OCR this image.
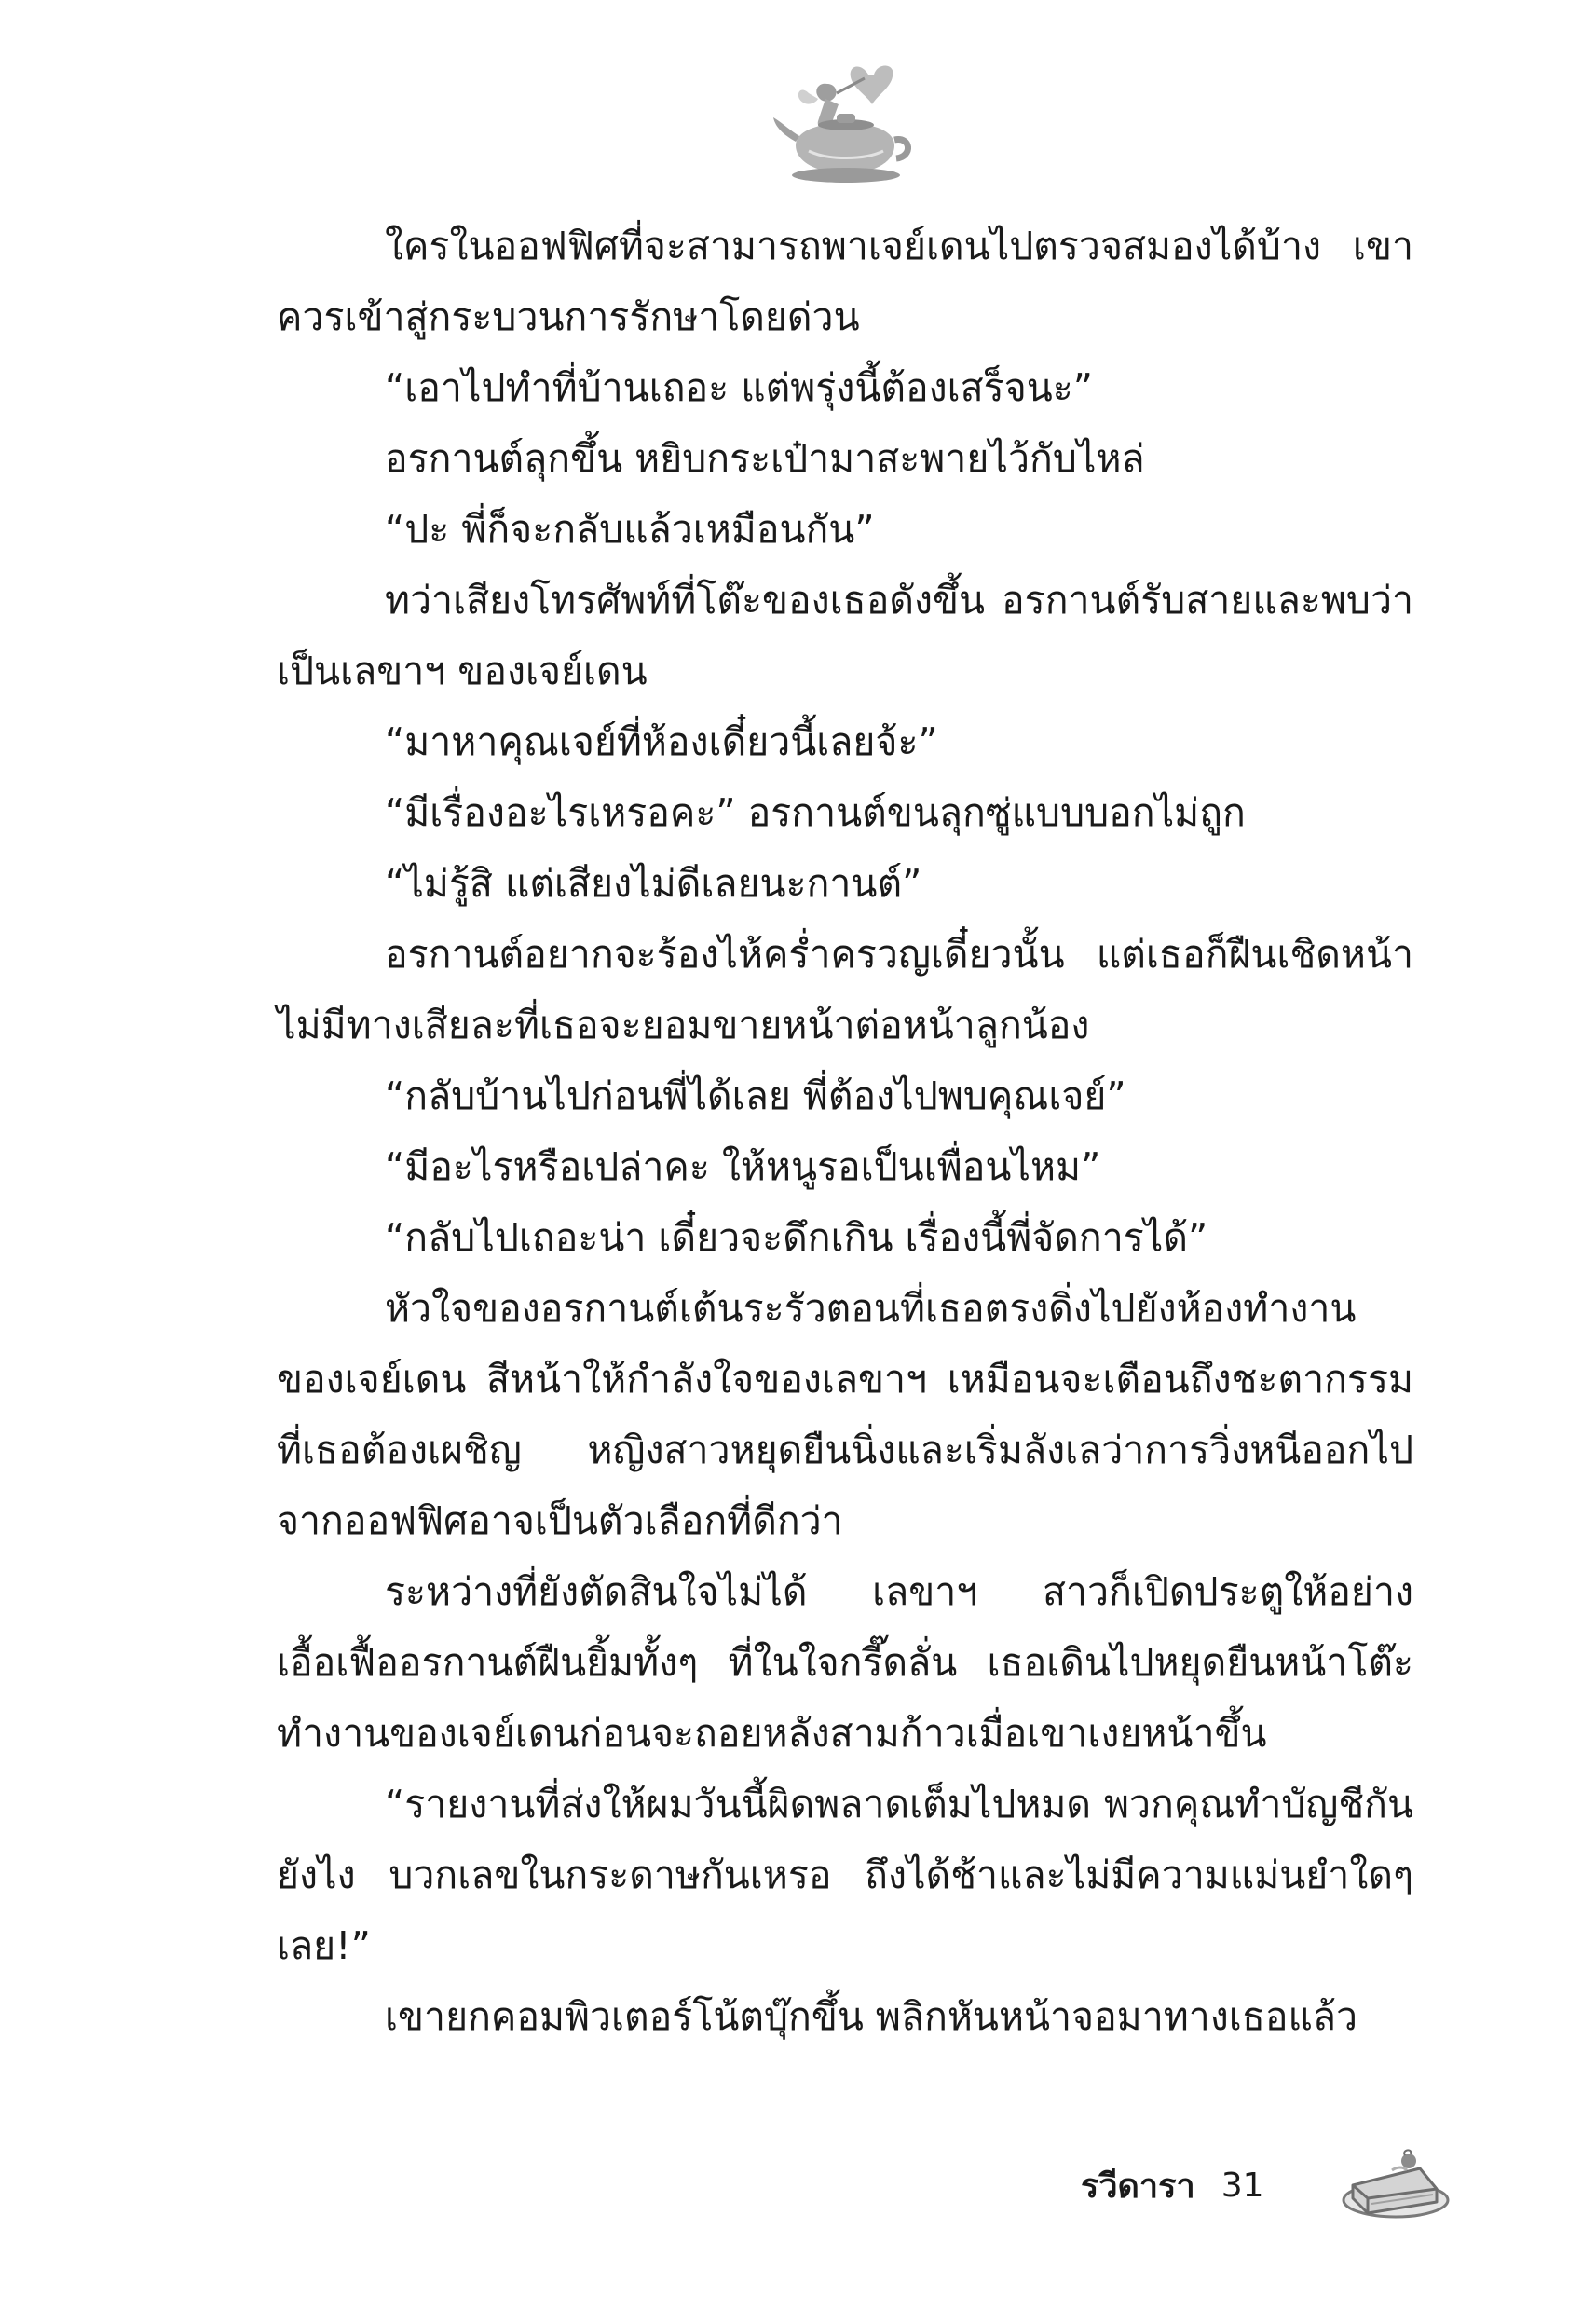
ใครในออฟฟิศที่จะสามารถพาเจย์เดนไปตรวจสมองได้บ้าง เขาควรเข้าสู่กระบวนการรักษาโดยด่วน

“เอาไปทำที่บ้านเถอะ แต่พรุ่งนี้ต้องเสร็จนะ”

อรกานต์ลุกขึ้น หยิบกระเป๋ามาสะพายไว้กับไหล่

“ปะ พี่ก็จะกลับแล้วเหมือนกัน”

ทว่าเสียงโทรศัพท์ที่โต๊ะของเธอดังขึ้น อรกานต์รับสายและพบว่าเป็นเลขาฯ ของเจย์เดน

“มาหาคุณเจย์ที่ห้องเดี๋ยวนี้เลยจ้ะ”

“มีเรื่องอะไรเหรอคะ” อรกานต์ขนลุกซู่แบบบอกไม่ถูก

“ไม่รู้สิ แต่เสียงไม่ดีเลยนะกานต์”

อรกานต์อยากจะร้องไห้คร่ำครวญเดี๋ยวนั้น แต่เธอก็ฝืนเชิดหน้าไม่มีทางเสียละที่เธอจะยอมขายหน้าต่อหน้าลูกน้อง

“กลับบ้านไปก่อนพี่ได้เลย พี่ต้องไปพบคุณเจย์”

“มีอะไรหรือเปล่าคะ ให้หนูรอเป็นเพื่อนไหม”

“กลับไปเถอะน่า เดี๋ยวจะดึกเกิน เรื่องนี้พี่จัดการได้”

หัวใจของอรกานต์เต้นระรัวตอนที่เธอตรงดิ่งไปยังห้องทำงานของเจย์เดน สีหน้าให้กำลังใจของเลขาฯ เหมือนจะเตือนถึงชะตากรรมที่เธอต้องเผชิญ หญิงสาวหยุดยืนนิ่งและเริ่มลังเลว่าการวิ่งหนีออกไปจากออฟฟิศอาจเป็นตัวเลือกที่ดีกว่า

ระหว่างที่ยังตัดสินใจไม่ได้ เลขาฯ สาวก็เปิดประตูให้อย่างเอื้อเฟื้ออรกานต์ฝืนยิ้มทั้งๆ ที่ในใจกรี๊ดลั่น เธอเดินไปหยุดยืนหน้าโต๊ะทำงานของเจย์เดนก่อนจะถอยหลังสามก้าวเมื่อเขาเงยหน้าขึ้น

“รายงานที่ส่งให้ผมวันนี้ผิดพลาดเต็มไปหมด พวกคุณทำบัญชีกันยังไง บวกเลขในกระดาษกันเหรอ ถึงได้ช้าและไม่มีความแม่นยำใดๆเลย!”

เขายกคอมพิวเตอร์โน้ตบุ๊กขึ้น พลิกหันหน้าจอมาทางเธอแล้ว

รวีดารา 31
